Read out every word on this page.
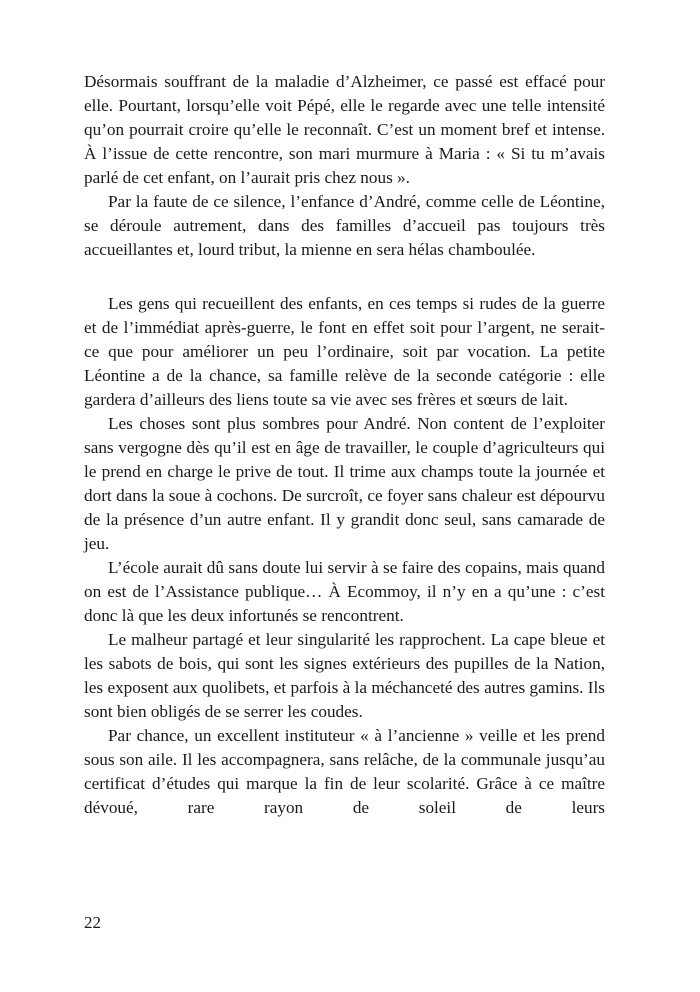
Désormais souffrant de la maladie d’Alzheimer, ce passé est effacé pour elle. Pourtant, lorsqu’elle voit Pépé, elle le regarde avec une telle intensité qu’on pourrait croire qu’elle le reconnaît. C’est un moment bref et intense. À l’issue de cette rencontre, son mari murmure à Maria : « Si tu m’avais parlé de cet enfant, on l’aurait pris chez nous ».

Par la faute de ce silence, l’enfance d’André, comme celle de Léontine, se déroule autrement, dans des familles d’accueil pas toujours très accueillantes et, lourd tribut, la mienne en sera hélas chamboulée.

Les gens qui recueillent des enfants, en ces temps si rudes de la guerre et de l’immédiat après-guerre, le font en effet soit pour l’argent, ne serait-ce que pour améliorer un peu l’ordinaire, soit par vocation. La petite Léontine a de la chance, sa famille relève de la seconde catégorie : elle gardera d’ailleurs des liens toute sa vie avec ses frères et sœurs de lait.

Les choses sont plus sombres pour André. Non content de l’exploiter sans vergogne dès qu’il est en âge de travailler, le couple d’agriculteurs qui le prend en charge le prive de tout. Il trime aux champs toute la journée et dort dans la soue à cochons. De surcroît, ce foyer sans chaleur est dépourvu de la présence d’un autre enfant. Il y grandit donc seul, sans camarade de jeu.

L’école aurait dû sans doute lui servir à se faire des copains, mais quand on est de l’Assistance publique… À Ecommoy, il n’y en a qu’une : c’est donc là que les deux infortunés se rencontrent.

Le malheur partagé et leur singularité les rapprochent. La cape bleue et les sabots de bois, qui sont les signes extérieurs des pupilles de la Nation, les exposent aux quolibets, et parfois à la méchanceté des autres gamins. Ils sont bien obligés de se serrer les coudes.

Par chance, un excellent instituteur « à l’ancienne » veille et les prend sous son aile. Il les accompagnera, sans relâche, de la communale jusqu’au certificat d’études qui marque la fin de leur scolarité. Grâce à ce maître dévoué, rare rayon de soleil de leurs

22
